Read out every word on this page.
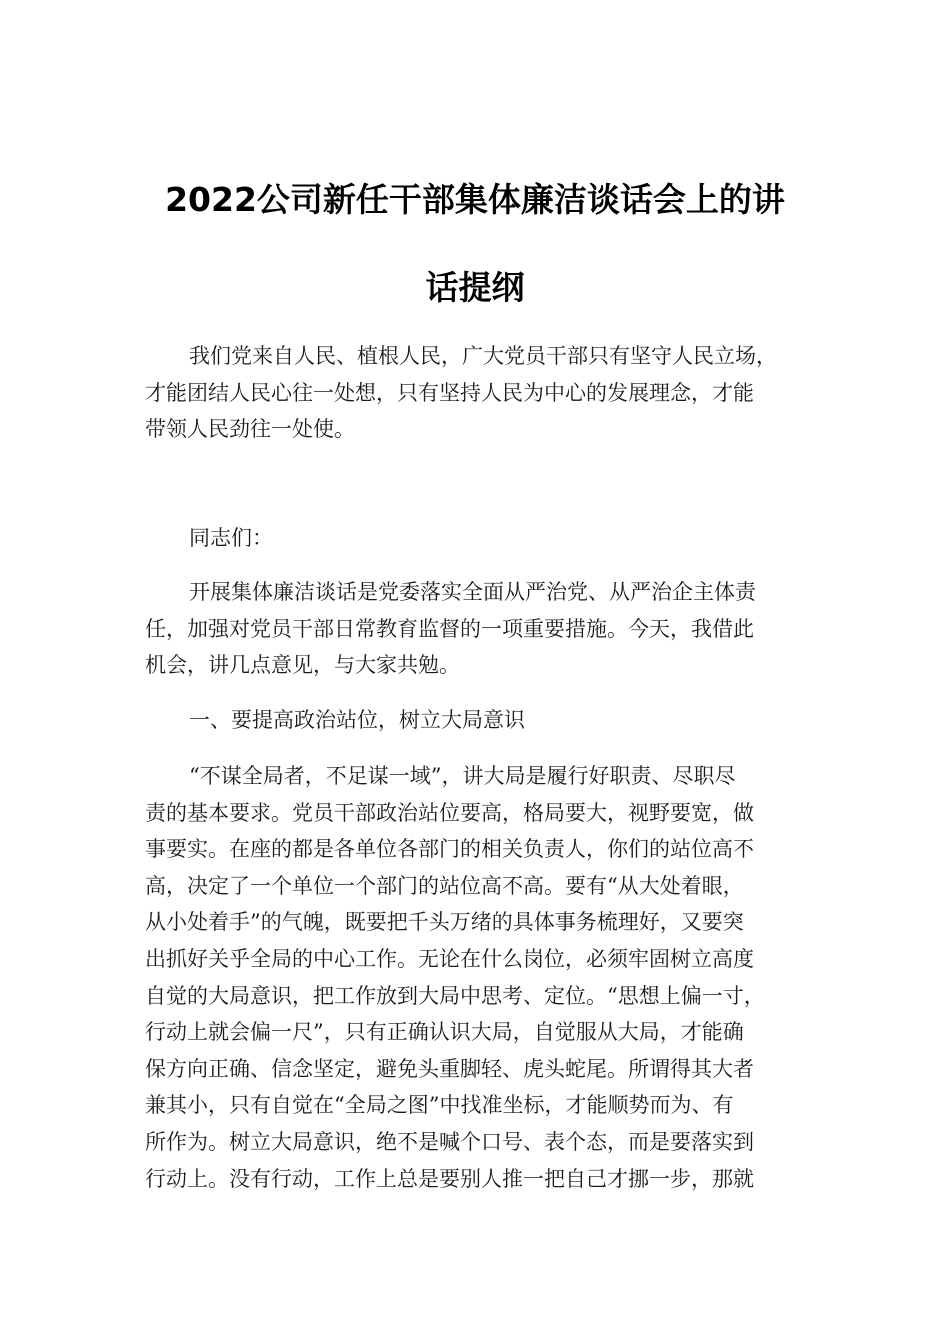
2022公司新任干部集体廉洁谈话会上的讲
话提纲
我们党来自人民、植根人民，广大党员干部只有坚守人民立场，
才能团结人民心往一处想，只有坚持人民为中心的发展理念，才能
带领人民劲往一处使。
同志们：
开展集体廉洁谈话是党委落实全面从严治党、从严治企主体责
任，加强对党员干部日常教育监督的一项重要措施。今天，我借此
机会，讲几点意见，与大家共勉。
一、要提高政治站位，树立大局意识
“不谋全局者，不足谋一域”，讲大局是履行好职责、尽职尽
责的基本要求。党员干部政治站位要高，格局要大，视野要宽，做
事要实。在座的都是各单位各部门的相关负责人，你们的站位高不
高，决定了一个单位一个部门的站位高不高。要有“从大处着眼，
从小处着手”的气魄，既要把千头万绪的具体事务梳理好，又要突
出抓好关乎全局的中心工作。无论在什么岗位，必须牢固树立高度
自觉的大局意识，把工作放到大局中思考、定位。“思想上偏一寸，
行动上就会偏一尺”，只有正确认识大局，自觉服从大局，才能确
保方向正确、信念坚定，避免头重脚轻、虎头蛇尾。所谓得其大者
兼其小，只有自觉在“全局之图”中找准坐标，才能顺势而为、有
所作为。树立大局意识，绝不是喊个口号、表个态，而是要落实到
行动上。没有行动，工作上总是要别人推一把自己才挪一步，那就
